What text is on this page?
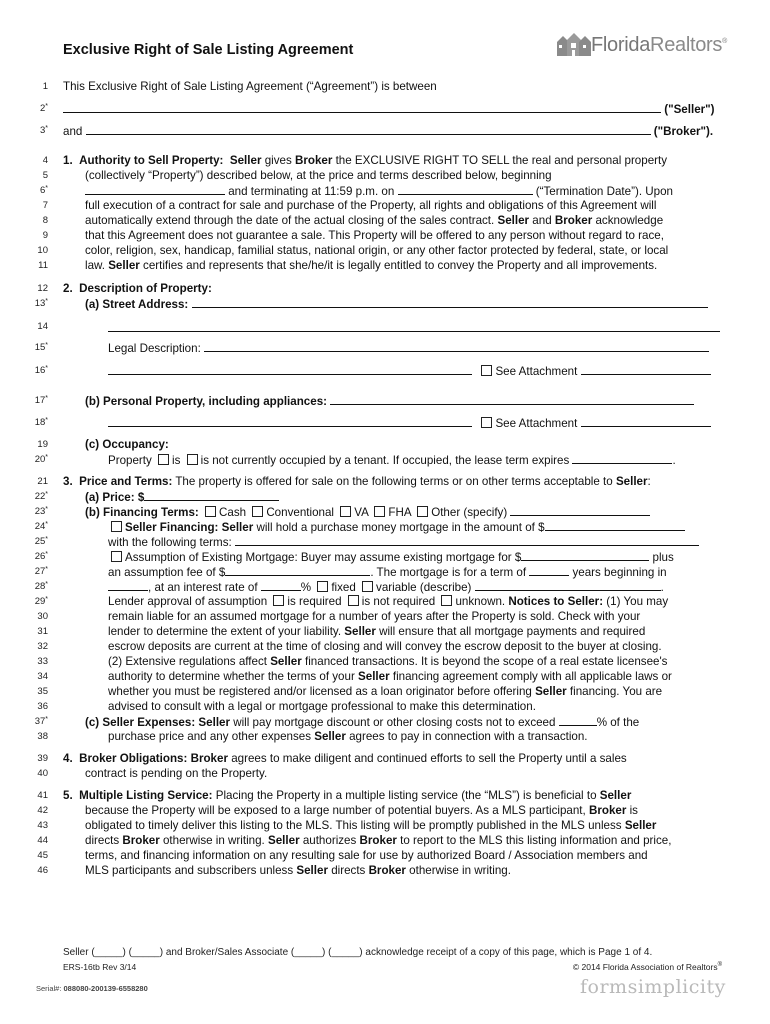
Exclusive Right of Sale Listing Agreement	FloridaRealtors®
1
2*
3*
4
5
6*
7
8
9
10
11
12
13*
14
15*
16*
17*
18*
19
20*
21
22*
23*
24*
25*
26*
27*
28*
29*
30
31
32
33
34
35
36
37*
38
39
40
41
42
43
44
45
46
This Exclusive Right of Sale Listing Agreement (“Agreement”) is between
("Seller")
and	("Broker").
1. Authority to Sell Property: Seller gives Broker the EXCLUSIVE RIGHT TO SELL the real and personal property
(collectively “Property”) described below, at the price and terms described below, beginning
and terminating at 11:59 p.m. on	(“Termination Date”). Upon
full execution of a contract for sale and purchase of the Property, all rights and obligations of this Agreement will
automatically extend through the date of the actual closing of the sales contract. Seller and Broker acknowledge
that this Agreement does not guarantee a sale. This Property will be offered to any person without regard to race,
color, religion, sex, handicap, familial status, national origin, or any other factor protected by federal, state, or local
law. Seller certifies and represents that she/he/it is legally entitled to convey the Property and all improvements.
2. Description of Property:
(a) Street Address:
Legal Description:
See Attachment
(b) Personal Property, including appliances:
See Attachment
(c) Occupancy:
Property is is not currently occupied by a tenant. If occupied, the lease term expires	.
3. Price and Terms: The property is offered for sale on the following terms or on other terms acceptable to Seller:
(a) Price: $
(b) Financing Terms: Cash Conventional VA FHA Other (specify)
Seller Financing: Seller will hold a purchase money mortgage in the amount of $
with the following terms:
Assumption of Existing Mortgage: Buyer may assume existing mortgage for $	plus
an assumption fee of $	. The mortgage is for a term of	years beginning in
, at an interest rate of	% fixed variable (describe)	.
Lender approval of assumption is required is not required unknown. Notices to Seller: (1) You may
remain liable for an assumed mortgage for a number of years after the Property is sold. Check with your
lender to determine the extent of your liability. Seller will ensure that all mortgage payments and required
escrow deposits are current at the time of closing and will convey the escrow deposit to the buyer at closing.
(2) Extensive regulations affect Seller financed transactions. It is beyond the scope of a real estate licensee's
authority to determine whether the terms of your Seller financing agreement comply with all applicable laws or
whether you must be registered and/or licensed as a loan originator before offering Seller financing. You are
advised to consult with a legal or mortgage professional to make this determination.
(c) Seller Expenses: Seller will pay mortgage discount or other closing costs not to exceed	% of the
purchase price and any other expenses Seller agrees to pay in connection with a transaction.
4. Broker Obligations: Broker agrees to make diligent and continued efforts to sell the Property until a sales
contract is pending on the Property.
5. Multiple Listing Service: Placing the Property in a multiple listing service (the “MLS”) is beneficial to Seller
because the Property will be exposed to a large number of potential buyers. As a MLS participant, Broker is
obligated to timely deliver this listing to the MLS. This listing will be promptly published in the MLS unless Seller
directs Broker otherwise in writing. Seller authorizes Broker to report to the MLS this listing information and price,
terms, and financing information on any resulting sale for use by authorized Board / Association members and
MLS participants and subscribers unless Seller directs Broker otherwise in writing.
Seller (_____) (_____) and Broker/Sales Associate (_____) (_____) acknowledge receipt of a copy of this page, which is Page 1 of 4.
ERS-16tb Rev 3/14	© 2014 Florida Association of Realtors®
Serial#: 088080-200139-6558280	formsimplicity
